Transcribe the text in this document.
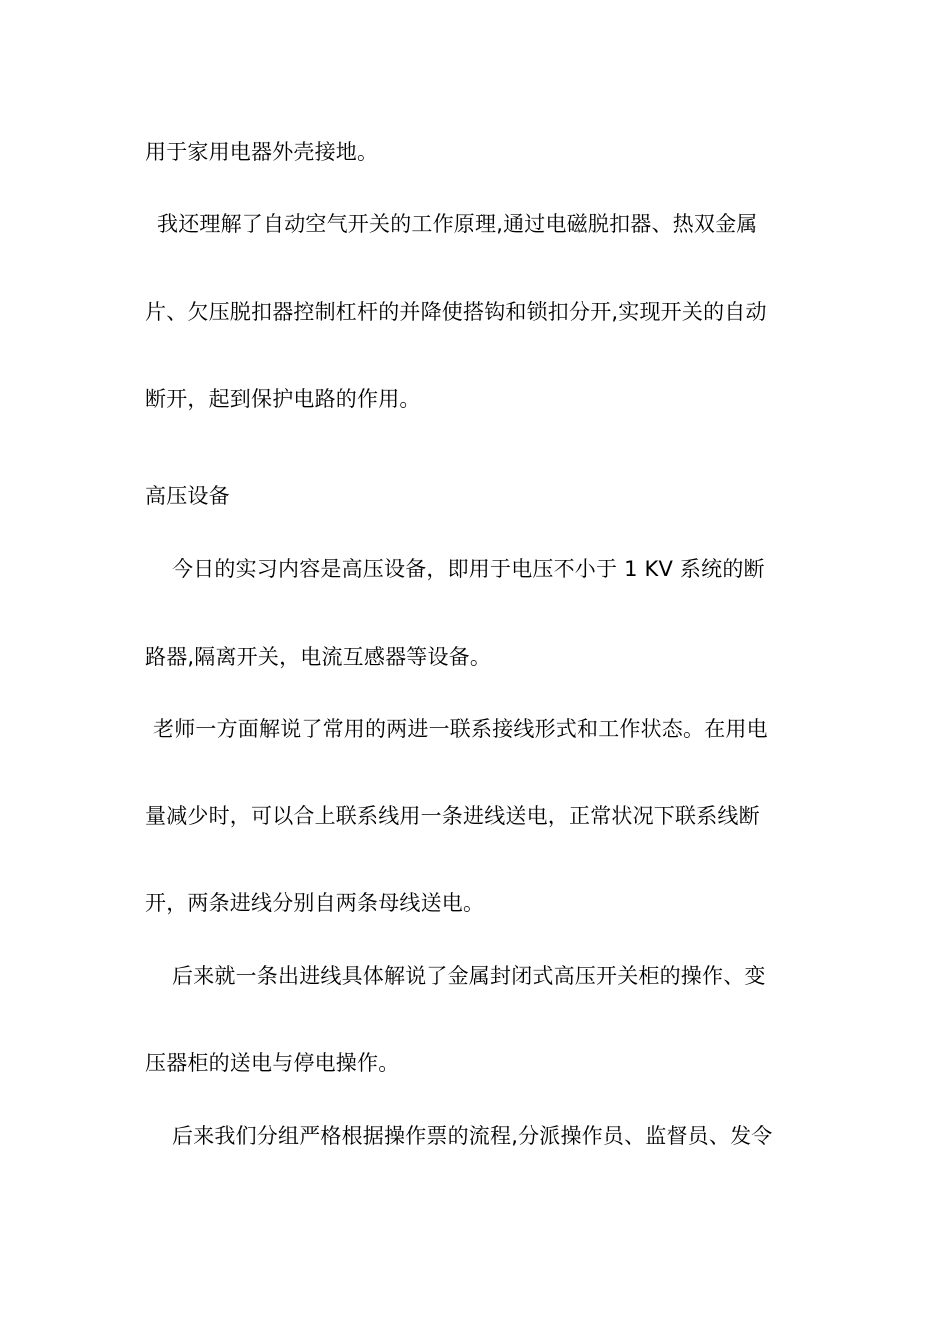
用于家用电器外壳接地。
我还理解了自动空气开关的工作原理,通过电磁脱扣器、热双金属
片、欠压脱扣器控制杠杆的并降使搭钩和锁扣分开,实现开关的自动
断开，起到保护电路的作用。
高压设备
今日的实习内容是高压设备，即用于电压不小于 1 KV 系统的断
路器,隔离开关，电流互感器等设备。
老师一方面解说了常用的两进一联系接线形式和工作状态。在用电
量减少时，可以合上联系线用一条进线送电，正常状况下联系线断
开，两条进线分别自两条母线送电。
后来就一条出进线具体解说了金属封闭式高压开关柜的操作、变
压器柜的送电与停电操作。
后来我们分组严格根据操作票的流程,分派操作员、监督员、发令
